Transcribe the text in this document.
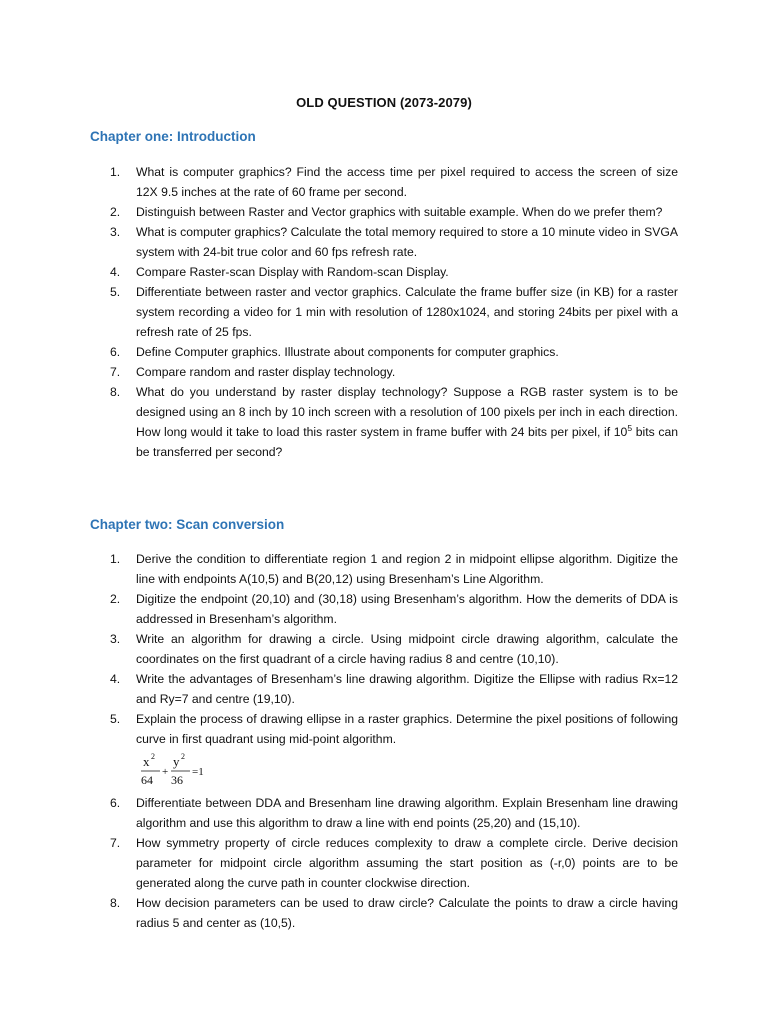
OLD QUESTION (2073-2079)
Chapter one: Introduction
1. What is computer graphics? Find the access time per pixel required to access the screen of size 12X 9.5 inches at the rate of 60 frame per second.
2. Distinguish between Raster and Vector graphics with suitable example. When do we prefer them?
3. What is computer graphics? Calculate the total memory required to store a 10 minute video in SVGA system with 24-bit true color and 60 fps refresh rate.
4. Compare Raster-scan Display with Random-scan Display.
5. Differentiate between raster and vector graphics. Calculate the frame buffer size (in KB) for a raster system recording a video for 1 min with resolution of 1280x1024, and storing 24bits per pixel with a refresh rate of 25 fps.
6. Define Computer graphics. Illustrate about components for computer graphics.
7. Compare random and raster display technology.
8. What do you understand by raster display technology? Suppose a RGB raster system is to be designed using an 8 inch by 10 inch screen with a resolution of 100 pixels per inch in each direction. How long would it take to load this raster system in frame buffer with 24 bits per pixel, if $10^5$ bits can be transferred per second?
Chapter two: Scan conversion
1. Derive the condition to differentiate region 1 and region 2 in midpoint ellipse algorithm. Digitize the line with endpoints A(10,5) and B(20,12) using Bresenham’s Line Algorithm.
2. Digitize the endpoint (20,10) and (30,18) using Bresenham’s algorithm. How the demerits of DDA is addressed in Bresenham’s algorithm.
3. Write an algorithm for drawing a circle. Using midpoint circle drawing algorithm, calculate the coordinates on the first quadrant of a circle having radius 8 and centre (10,10).
4. Write the advantages of Bresenham’s line drawing algorithm. Digitize the Ellipse with radius Rx=12 and Ry=7 and centre (19,10).
5. Explain the process of drawing ellipse in a raster graphics. Determine the pixel positions of following curve in first quadrant using mid-point algorithm.
x 2
64
+
y 2
36
=1
6. Differentiate between DDA and Bresenham line drawing algorithm. Explain Bresenham line drawing algorithm and use this algorithm to draw a line with end points (25,20) and (15,10).
7. How symmetry property of circle reduces complexity to draw a complete circle. Derive decision parameter for midpoint circle algorithm assuming the start position as (-r,0) points are to be generated along the curve path in counter clockwise direction.
8. How decision parameters can be used to draw circle? Calculate the points to draw a circle having radius 5 and center as (10,5).
